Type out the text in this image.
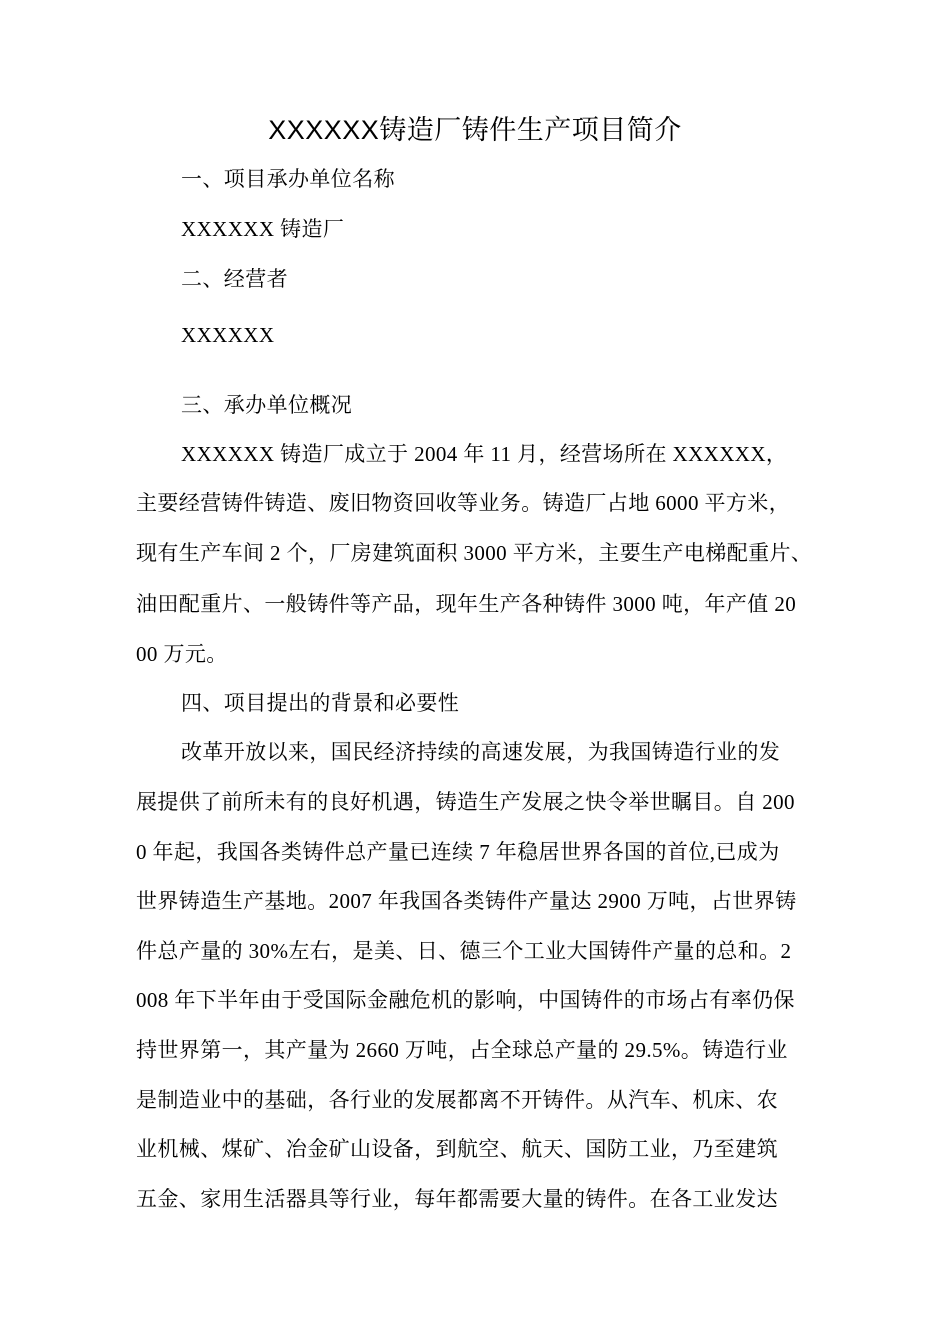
XXXXXX铸造厂铸件生产项目简介
一、项目承办单位名称
XXXXXX 铸造厂
二、经营者
XXXXXX
三、承办单位概况
XXXXXX 铸造厂成立于 2004 年 11 月，经营场所在 XXXXXX，
主要经营铸件铸造、废旧物资回收等业务。铸造厂占地 6000 平方米，
现有生产车间 2 个，厂房建筑面积 3000 平方米，主要生产电梯配重片、
油田配重片、一般铸件等产品，现年生产各种铸件 3000 吨，年产值 20
00 万元。
四、项目提出的背景和必要性
改革开放以来，国民经济持续的高速发展，为我国铸造行业的发
展提供了前所未有的良好机遇，铸造生产发展之快令举世瞩目。自 200
0 年起，我国各类铸件总产量已连续 7 年稳居世界各国的首位,已成为
世界铸造生产基地。2007 年我国各类铸件产量达 2900 万吨，占世界铸
件总产量的 30%左右，是美、日、德三个工业大国铸件产量的总和。2
008 年下半年由于受国际金融危机的影响，中国铸件的市场占有率仍保
持世界第一，其产量为 2660 万吨，占全球总产量的 29.5%。铸造行业
是制造业中的基础，各行业的发展都离不开铸件。从汽车、机床、农
业机械、煤矿、冶金矿山设备，到航空、航天、国防工业，乃至建筑
五金、家用生活器具等行业，每年都需要大量的铸件。在各工业发达
